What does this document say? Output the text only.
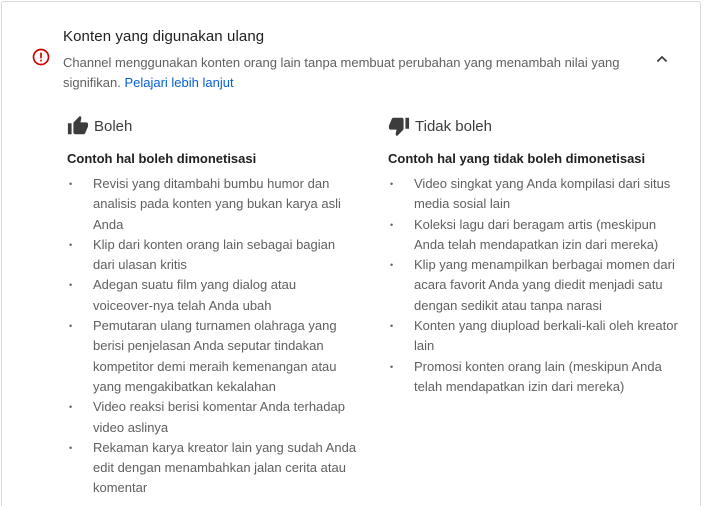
Konten yang digunakan ulang
Channel menggunakan konten orang lain tanpa membuat perubahan yang menambah nilai yang signifikan. Pelajari lebih lanjut
Boleh
Contoh hal boleh dimonetisasi
• Revisi yang ditambahi bumbu humor dan analisis pada konten yang bukan karya asli Anda
• Klip dari konten orang lain sebagai bagian dari ulasan kritis
• Adegan suatu film yang dialog atau voiceover-nya telah Anda ubah
• Pemutaran ulang turnamen olahraga yang berisi penjelasan Anda seputar tindakan kompetitor demi meraih kemenangan atau yang mengakibatkan kekalahan
• Video reaksi berisi komentar Anda terhadap video aslinya
• Rekaman karya kreator lain yang sudah Anda edit dengan menambahkan jalan cerita atau komentar
Tidak boleh
Contoh hal yang tidak boleh dimonetisasi
• Video singkat yang Anda kompilasi dari situs media sosial lain
• Koleksi lagu dari beragam artis (meskipun Anda telah mendapatkan izin dari mereka)
• Klip yang menampilkan berbagai momen dari acara favorit Anda yang diedit menjadi satu dengan sedikit atau tanpa narasi
• Konten yang diupload berkali-kali oleh kreator lain
• Promosi konten orang lain (meskipun Anda telah mendapatkan izin dari mereka)
